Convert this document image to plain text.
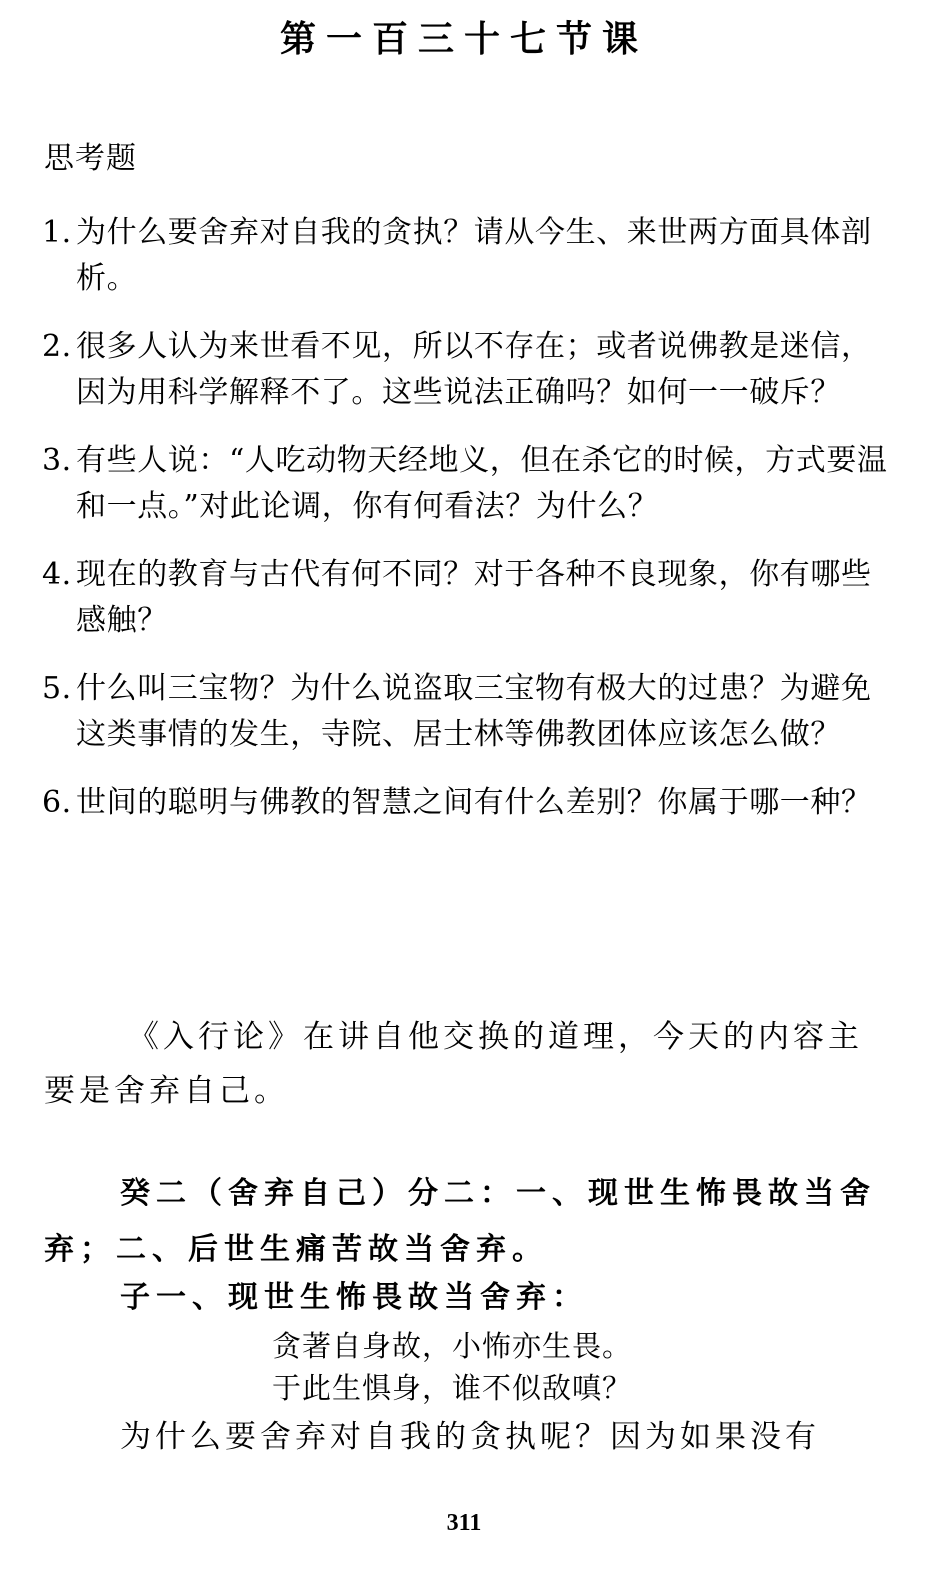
第一百三十七节课
思考题
1. 为什么要舍弃对自我的贪执？请从今生、来世两方面具体剖析。
2. 很多人认为来世看不见，所以不存在；或者说佛教是迷信，因为用科学解释不了。这些说法正确吗？如何一一破斥？
3. 有些人说：“人吃动物天经地义，但在杀它的时候，方式要温和一点。”对此论调，你有何看法？为什么？
4. 现在的教育与古代有何不同？对于各种不良现象，你有哪些感触？
5. 什么叫三宝物？为什么说盗取三宝物有极大的过患？为避免这类事情的发生，寺院、居士林等佛教团体应该怎么做？
6. 世间的聪明与佛教的智慧之间有什么差别？你属于哪一种？

《入行论》在讲自他交换的道理，今天的内容主要是舍弃自己。

癸二（舍弃自己）分二：一、现世生怖畏故当舍弃；二、后世生痛苦故当舍弃。

子一、现世生怖畏故当舍弃：
贪著自身故，小怖亦生畏。
于此生惧身，谁不似敌嗔？
为什么要舍弃对自我的贪执呢？因为如果没有
311
